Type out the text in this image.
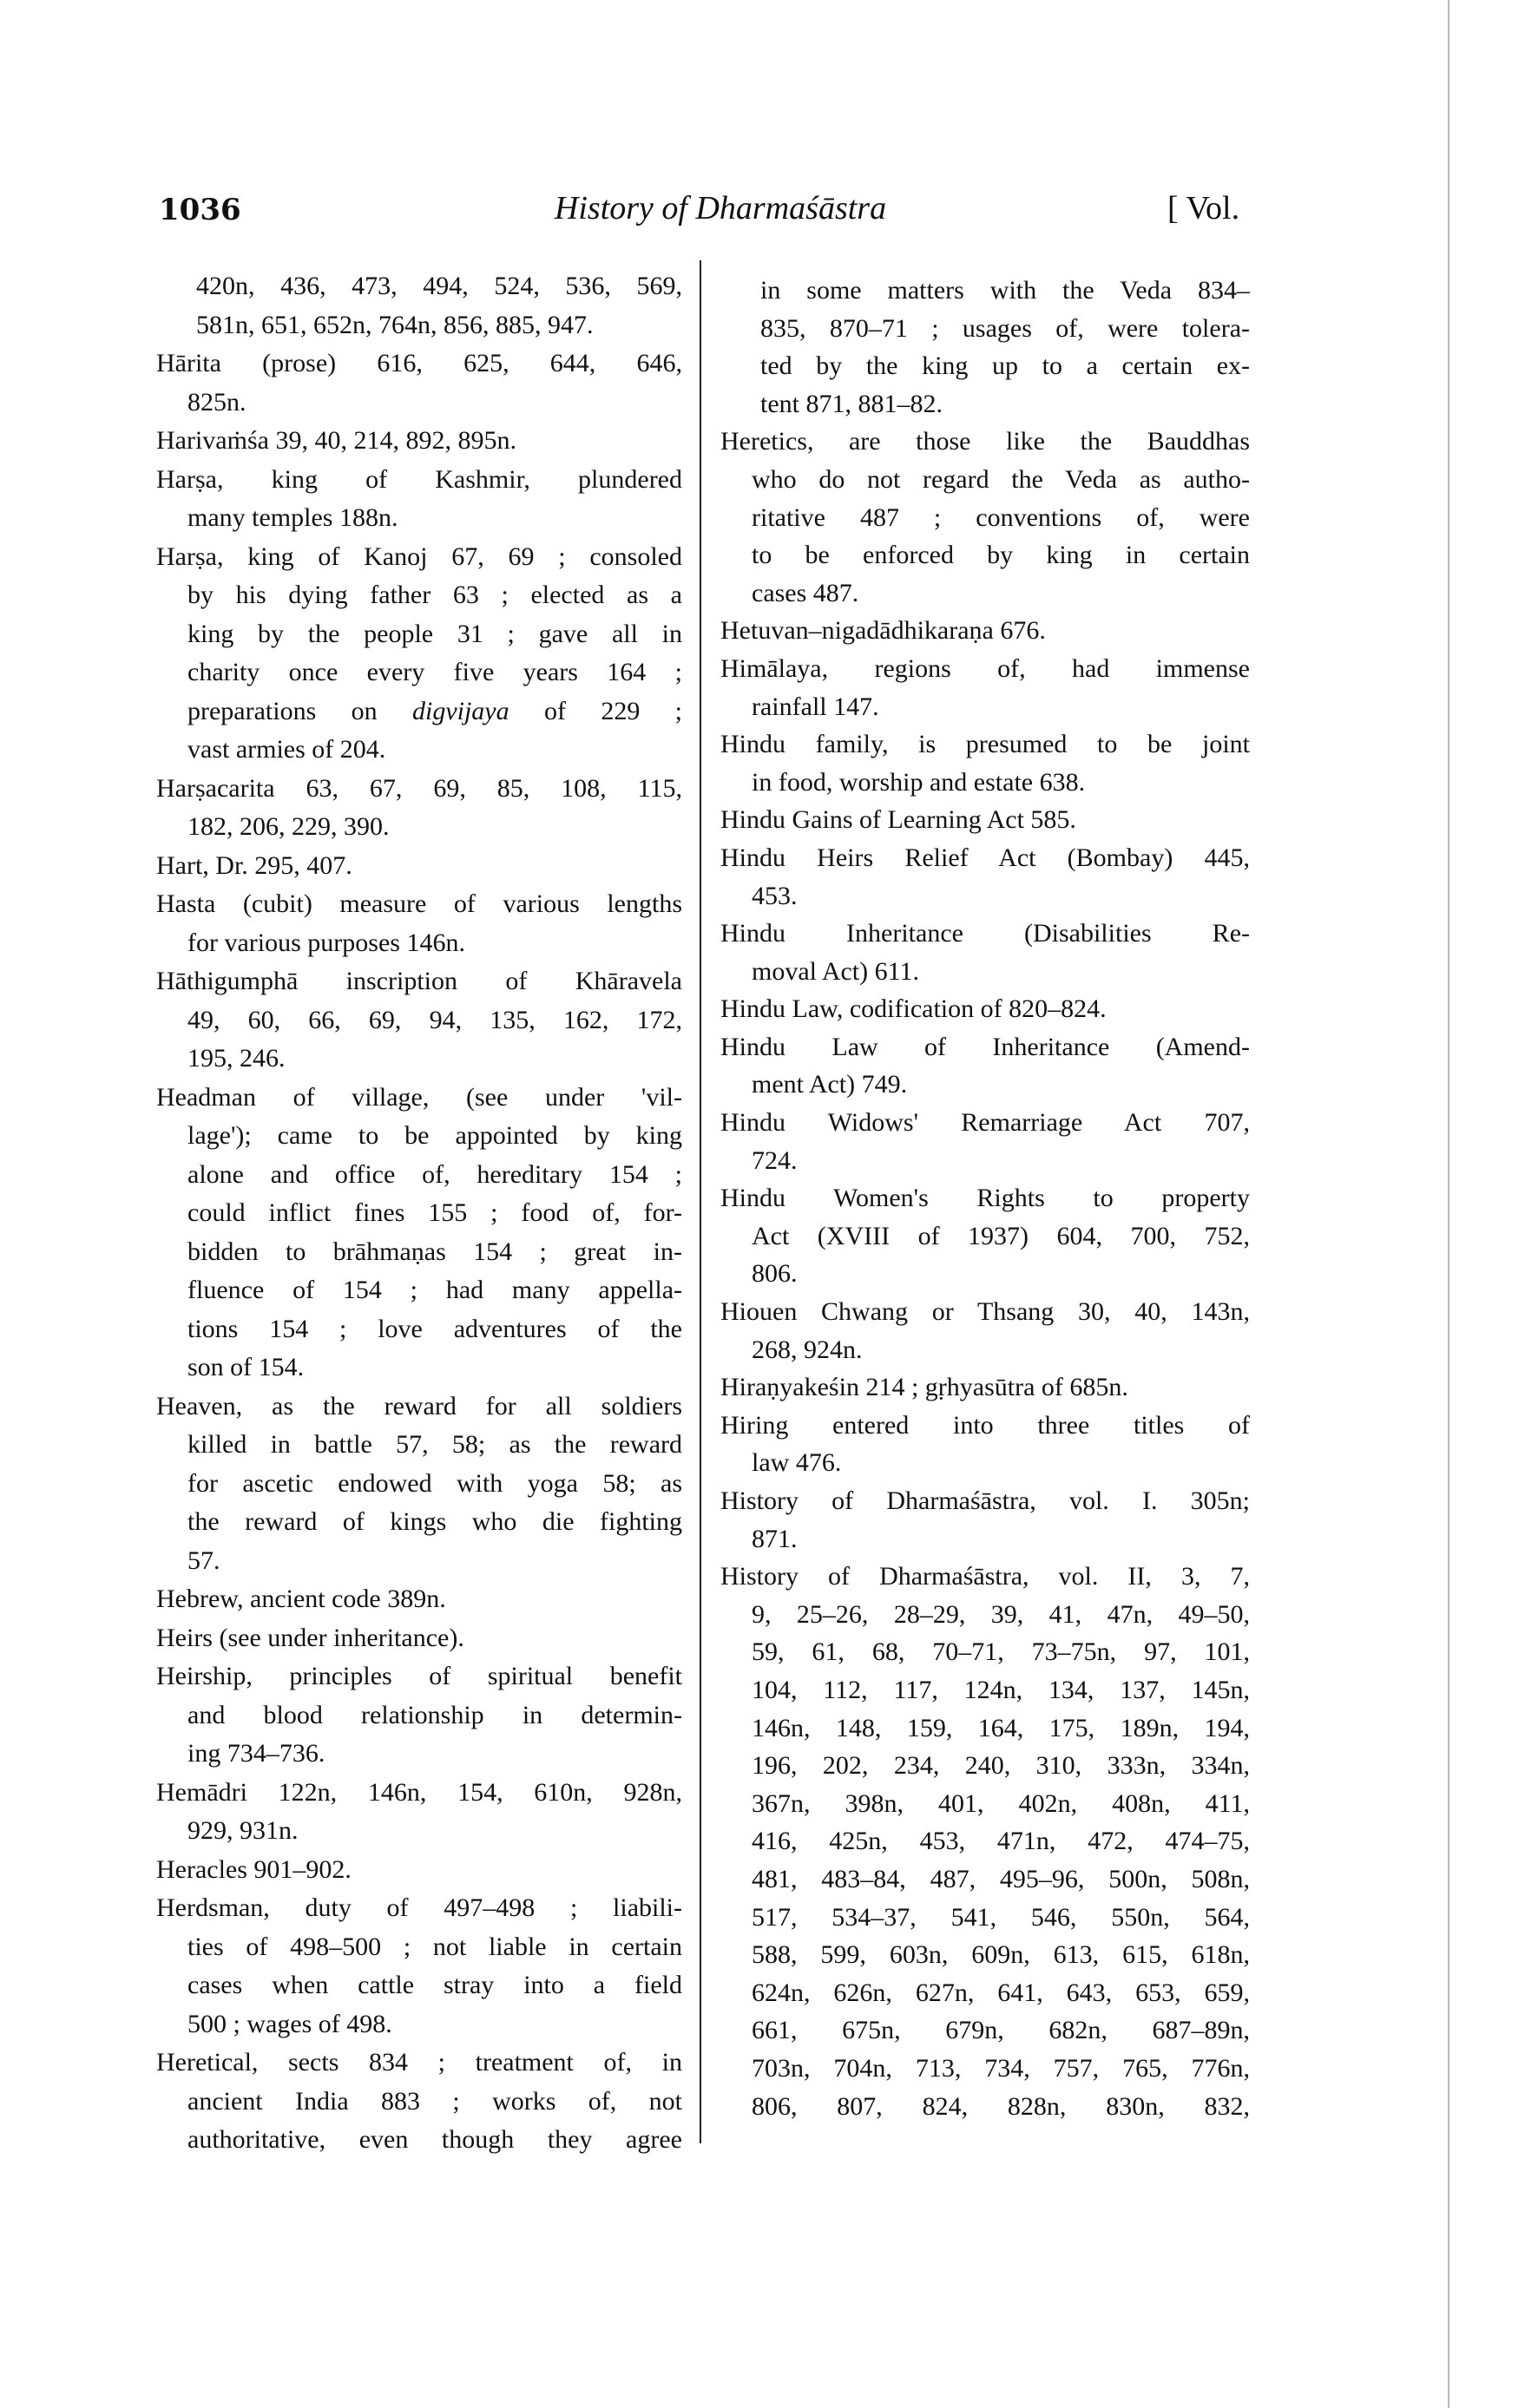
1036	History of Dharmaśāstra	[ Vol.
420n, 436, 473, 494, 524, 536, 569,
581n, 651, 652n, 764n, 856, 885, 947.
Hārita (prose) 616, 625, 644, 646,
825n.
Harivaṁśa 39, 40, 214, 892, 895n.
Harṣa, king of Kashmir, plundered
many temples 188n.
Harṣa, king of Kanoj 67, 69 ; consoled
by his dying father 63 ; elected as a
king by the people 31 ; gave all in
charity once every five years 164 ;
preparations on digvijaya of 229 ;
vast armies of 204.
Harṣacarita 63, 67, 69, 85, 108, 115,
182, 206, 229, 390.
Hart, Dr. 295, 407.
Hasta (cubit) measure of various lengths
for various purposes 146n.
Hāthigumphā inscription of Khāravela
49, 60, 66, 69, 94, 135, 162, 172,
195, 246.
Headman of village, (see under 'vil-
lage'); came to be appointed by king
alone and office of, hereditary 154 ;
could inflict fines 155 ; food of, for-
bidden to brāhmaṇas 154 ; great in-
fluence of 154 ; had many appella-
tions 154 ; love adventures of the
son of 154.
Heaven, as the reward for all soldiers
killed in battle 57, 58; as the reward
for ascetic endowed with yoga 58; as
the reward of kings who die fighting
57.
Hebrew, ancient code 389n.
Heirs (see under inheritance).
Heirship, principles of spiritual benefit
and blood relationship in determin-
ing 734–736.
Hemādri 122n, 146n, 154, 610n, 928n,
929, 931n.
Heracles 901–902.
Herdsman, duty of 497–498 ; liabili-
ties of 498–500 ; not liable in certain
cases when cattle stray into a field
500 ; wages of 498.
Heretical, sects 834 ; treatment of, in
ancient India 883 ; works of, not
authoritative, even though they agree
in some matters with the Veda 834–
835, 870–71 ; usages of, were tolera-
ted by the king up to a certain ex-
tent 871, 881–82.
Heretics, are those like the Bauddhas
who do not regard the Veda as autho-
ritative 487 ; conventions of, were
to be enforced by king in certain
cases 487.
Hetuvan–nigadādhikaraṇa 676.
Himālaya, regions of, had immense
rainfall 147.
Hindu family, is presumed to be joint
in food, worship and estate 638.
Hindu Gains of Learning Act 585.
Hindu Heirs Relief Act (Bombay) 445,
453.
Hindu Inheritance (Disabilities Re-
moval Act) 611.
Hindu Law, codification of 820–824.
Hindu Law of Inheritance (Amend-
ment Act) 749.
Hindu Widows' Remarriage Act 707,
724.
Hindu Women's Rights to property
Act (XVIII of 1937) 604, 700, 752,
806.
Hiouen Chwang or Thsang 30, 40, 143n,
268, 924n.
Hiraṇyakeśin 214 ; gṛhyasūtra of 685n.
Hiring entered into three titles of
law 476.
History of Dharmaśāstra, vol. I. 305n;
871.
History of Dharmaśāstra, vol. II, 3, 7,
9, 25–26, 28–29, 39, 41, 47n, 49–50,
59, 61, 68, 70–71, 73–75n, 97, 101,
104, 112, 117, 124n, 134, 137, 145n,
146n, 148, 159, 164, 175, 189n, 194,
196, 202, 234, 240, 310, 333n, 334n,
367n, 398n, 401, 402n, 408n, 411,
416, 425n, 453, 471n, 472, 474–75,
481, 483–84, 487, 495–96, 500n, 508n,
517, 534–37, 541, 546, 550n, 564,
588, 599, 603n, 609n, 613, 615, 618n,
624n, 626n, 627n, 641, 643, 653, 659,
661, 675n, 679n, 682n, 687–89n,
703n, 704n, 713, 734, 757, 765, 776n,
806, 807, 824, 828n, 830n, 832,
